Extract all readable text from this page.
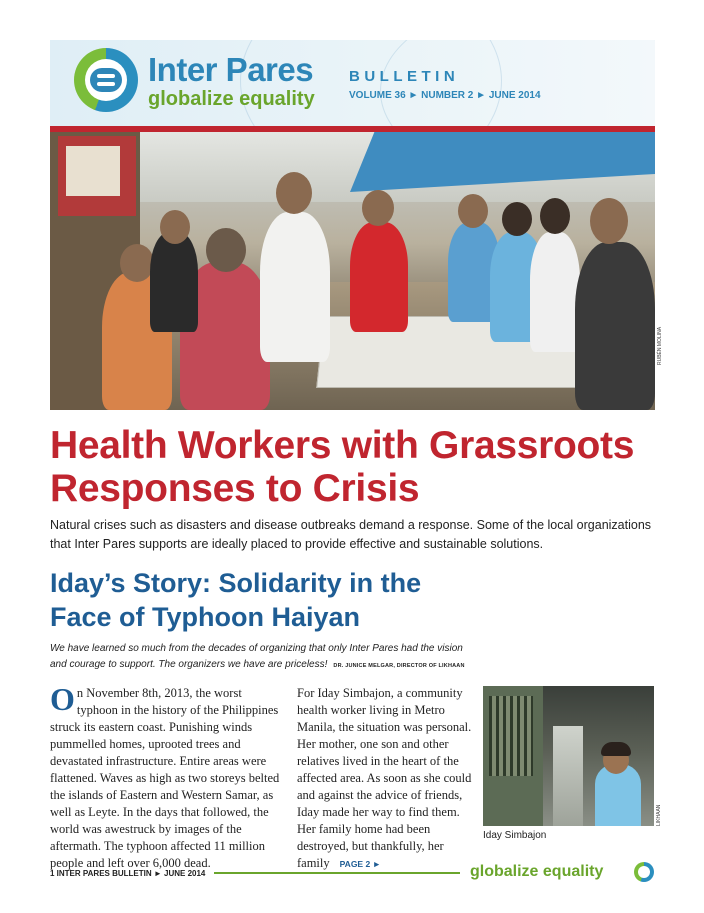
Inter Pares
globalize equality
BULLETIN
VOLUME 36 ► NUMBER 2 ► JUNE 2014
RUBÉN MOLINA
Health Workers with Grassroots Responses to Crisis

Natural crises such as disasters and disease outbreaks demand a response. Some of the local organizations that Inter Pares supports are ideally placed to provide effective and sustainable solutions.

Iday’s Story: Solidarity in the Face of Typhoon Haiyan

We have learned so much from the decades of organizing that only Inter Pares had the vision and courage to support. The organizers we have are priceless! DR. JUNICE MELGAR, DIRECTOR OF LIKHAAN

On November 8th, 2013, the worst typhoon in the history of the Philippines struck its eastern coast. Punishing winds pummelled homes, uprooted trees and devastated infrastructure. Entire areas were flattened. Waves as high as two storeys belted the islands of Eastern and Western Samar, as well as Leyte. In the days that followed, the world was awestruck by images of the aftermath. The typhoon affected 11 million people and left over 6,000 dead.

For Iday Simbajon, a community health worker living in Metro Manila, the situation was personal. Her mother, one son and other relatives lived in the heart of the affected area. As soon as she could and against the advice of friends, Iday made her way to find them. Her family home had been destroyed, but thankfully, her family PAGE 2 ►

LIKHAAN

Iday Simbajon

1 INTER PARES BULLETIN ► JUNE 2014	globalize equality
